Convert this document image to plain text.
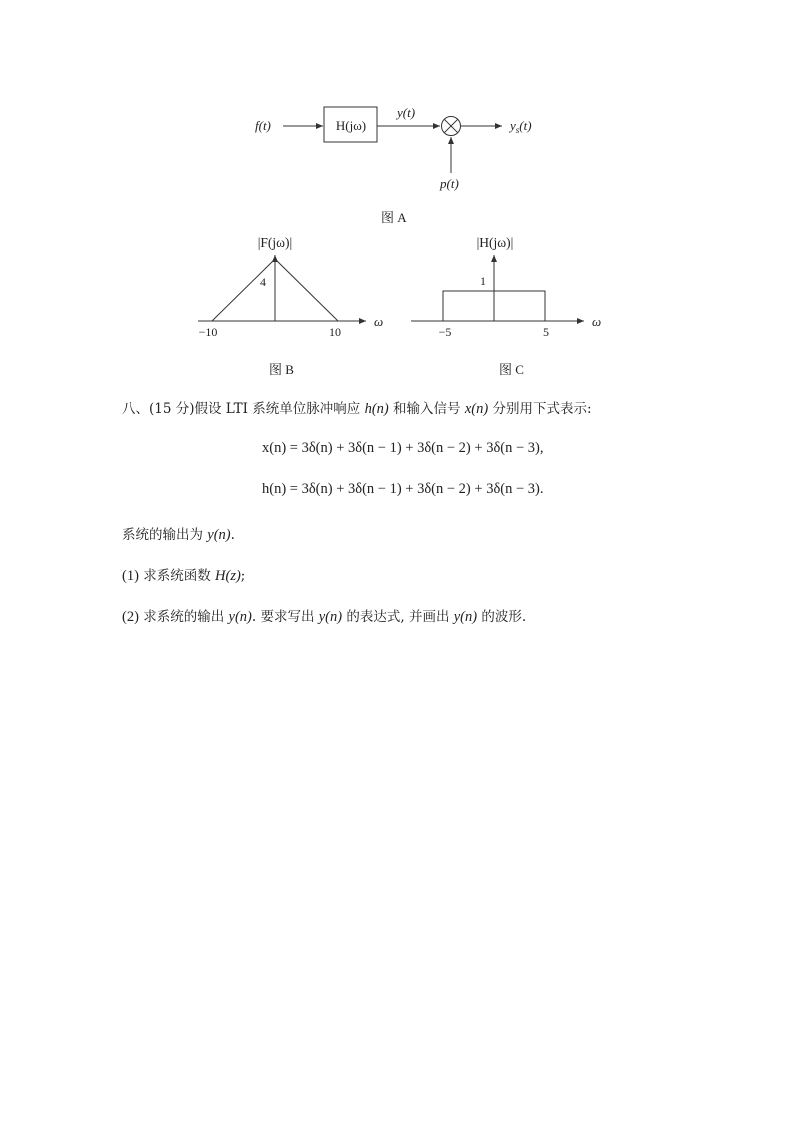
f(t)	H(jω)
y(t)
$y_s(t)$
p(t)
图 A
|F(jω)|
ω
4
−10	10
图 B
|H(jω)|
ω
1
−5	5
图 C
八、(15 分)假设 LTI 系统单位脉冲响应 h(n) 和输入信号 x(n) 分别用下式表示:
x(n) = 3δ(n) + 3δ(n − 1) + 3δ(n − 2) + 3δ(n − 3),
h(n) = 3δ(n) + 3δ(n − 1) + 3δ(n − 2) + 3δ(n − 3).
系统的输出为 y(n).
(1) 求系统函数 H(z);
(2) 求系统的输出 y(n). 要求写出 y(n) 的表达式, 并画出 y(n) 的波形.
